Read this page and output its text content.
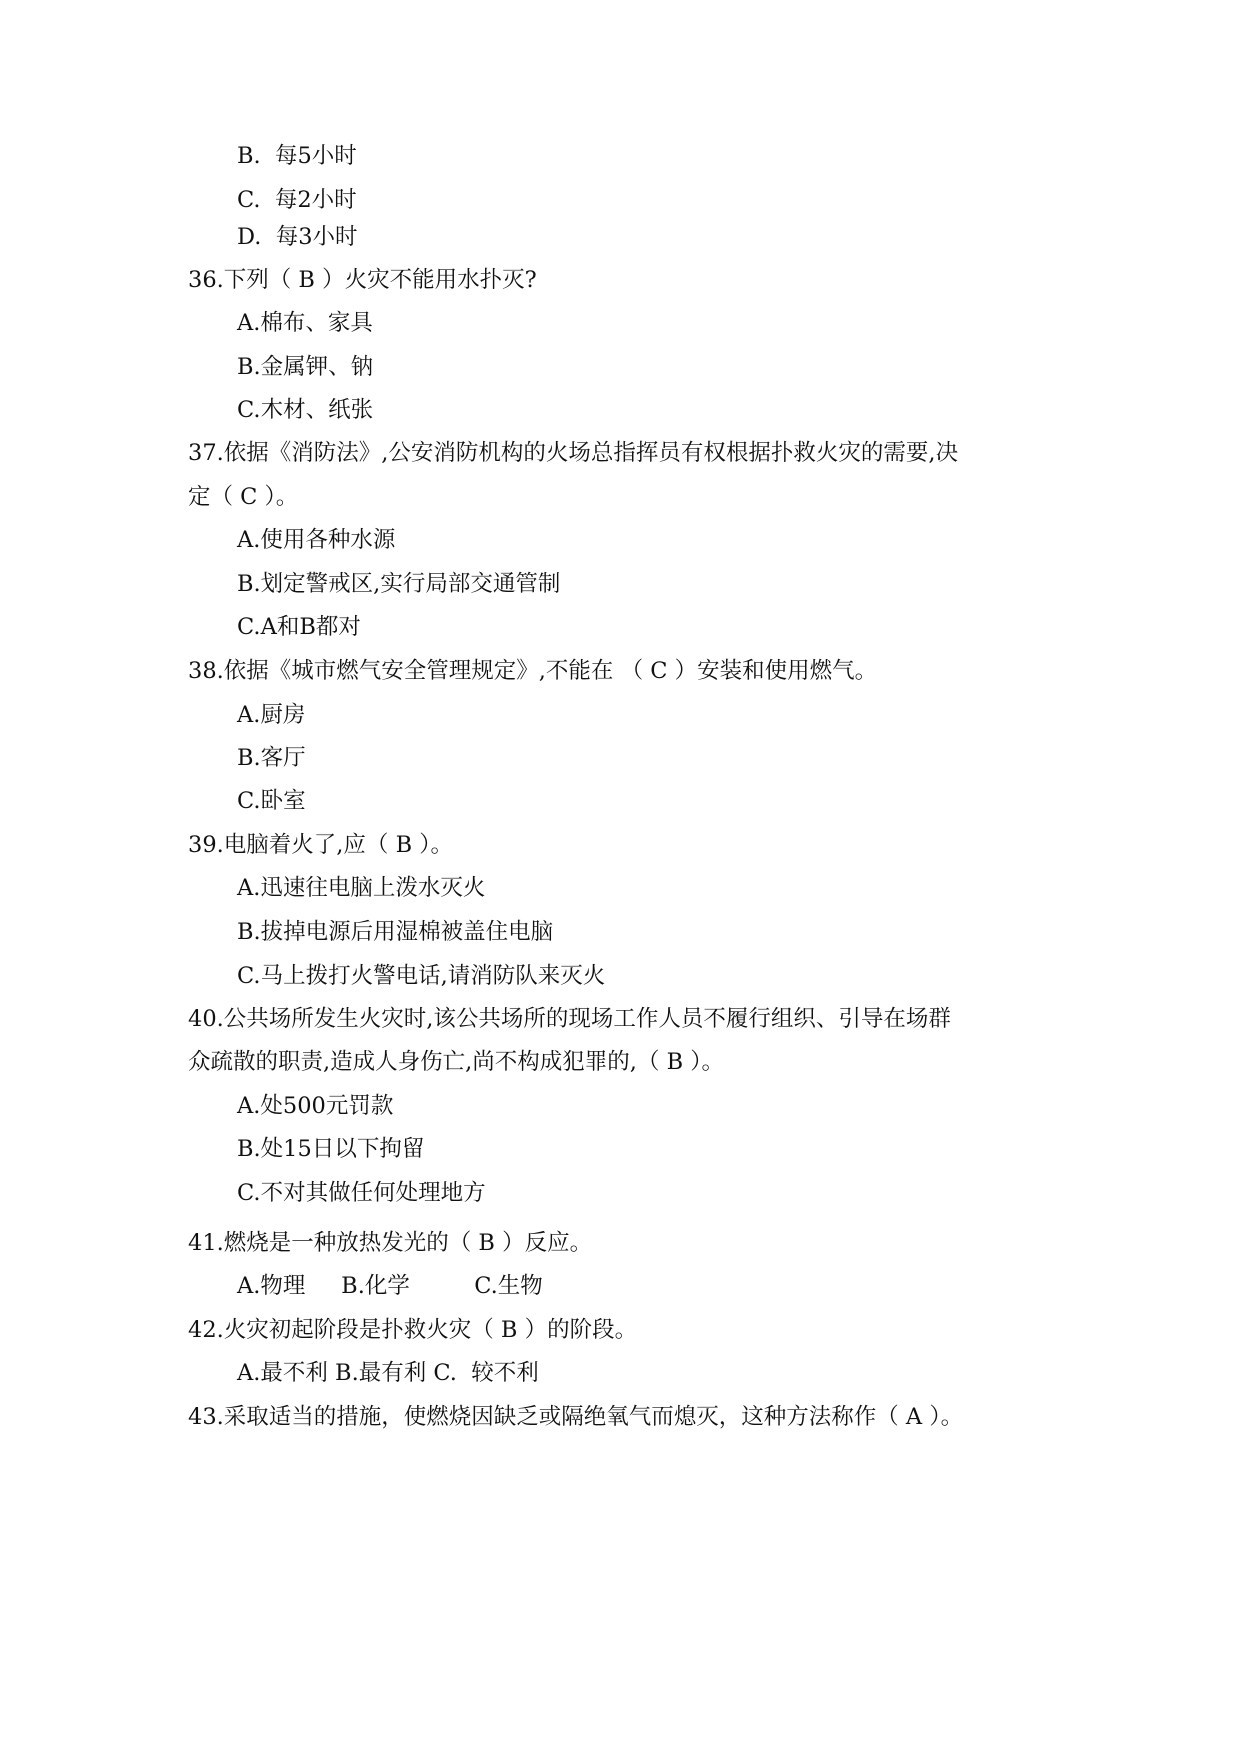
B.  每5小时
C.  每2小时
D.  每3小时
36.下列（ B ）火灾不能用水扑灭?
A.棉布、家具
B.金属钾、钠
C.木材、纸张
37.依据《消防法》,公安消防机构的火场总指挥员有权根据扑救火灾的需要,决
定（ C ）。
A.使用各种水源
B.划定警戒区,实行局部交通管制
C.A和B都对
38.依据《城市燃气安全管理规定》,不能在 （ C ）安装和使用燃气。
A.厨房
B.客厅
C.卧室
39.电脑着火了,应（ B ）。
A.迅速往电脑上泼水灭火
B.拔掉电源后用湿棉被盖住电脑
C.马上拨打火警电话,请消防队来灭火
40.公共场所发生火灾时,该公共场所的现场工作人员不履行组织、引导在场群
众疏散的职责,造成人身伤亡,尚不构成犯罪的,（ B ）。
A.处500元罚款
B.处15日以下拘留
C.不对其做任何处理地方
41.燃烧是一种放热发光的（ B ）反应。
A.物理     B.化学         C.生物
42.火灾初起阶段是扑救火灾（ B ）的阶段。
A.最不利 B.最有利 C.  较不利
43.采取适当的措施，使燃烧因缺乏或隔绝氧气而熄灭，这种方法称作（ A ）。
